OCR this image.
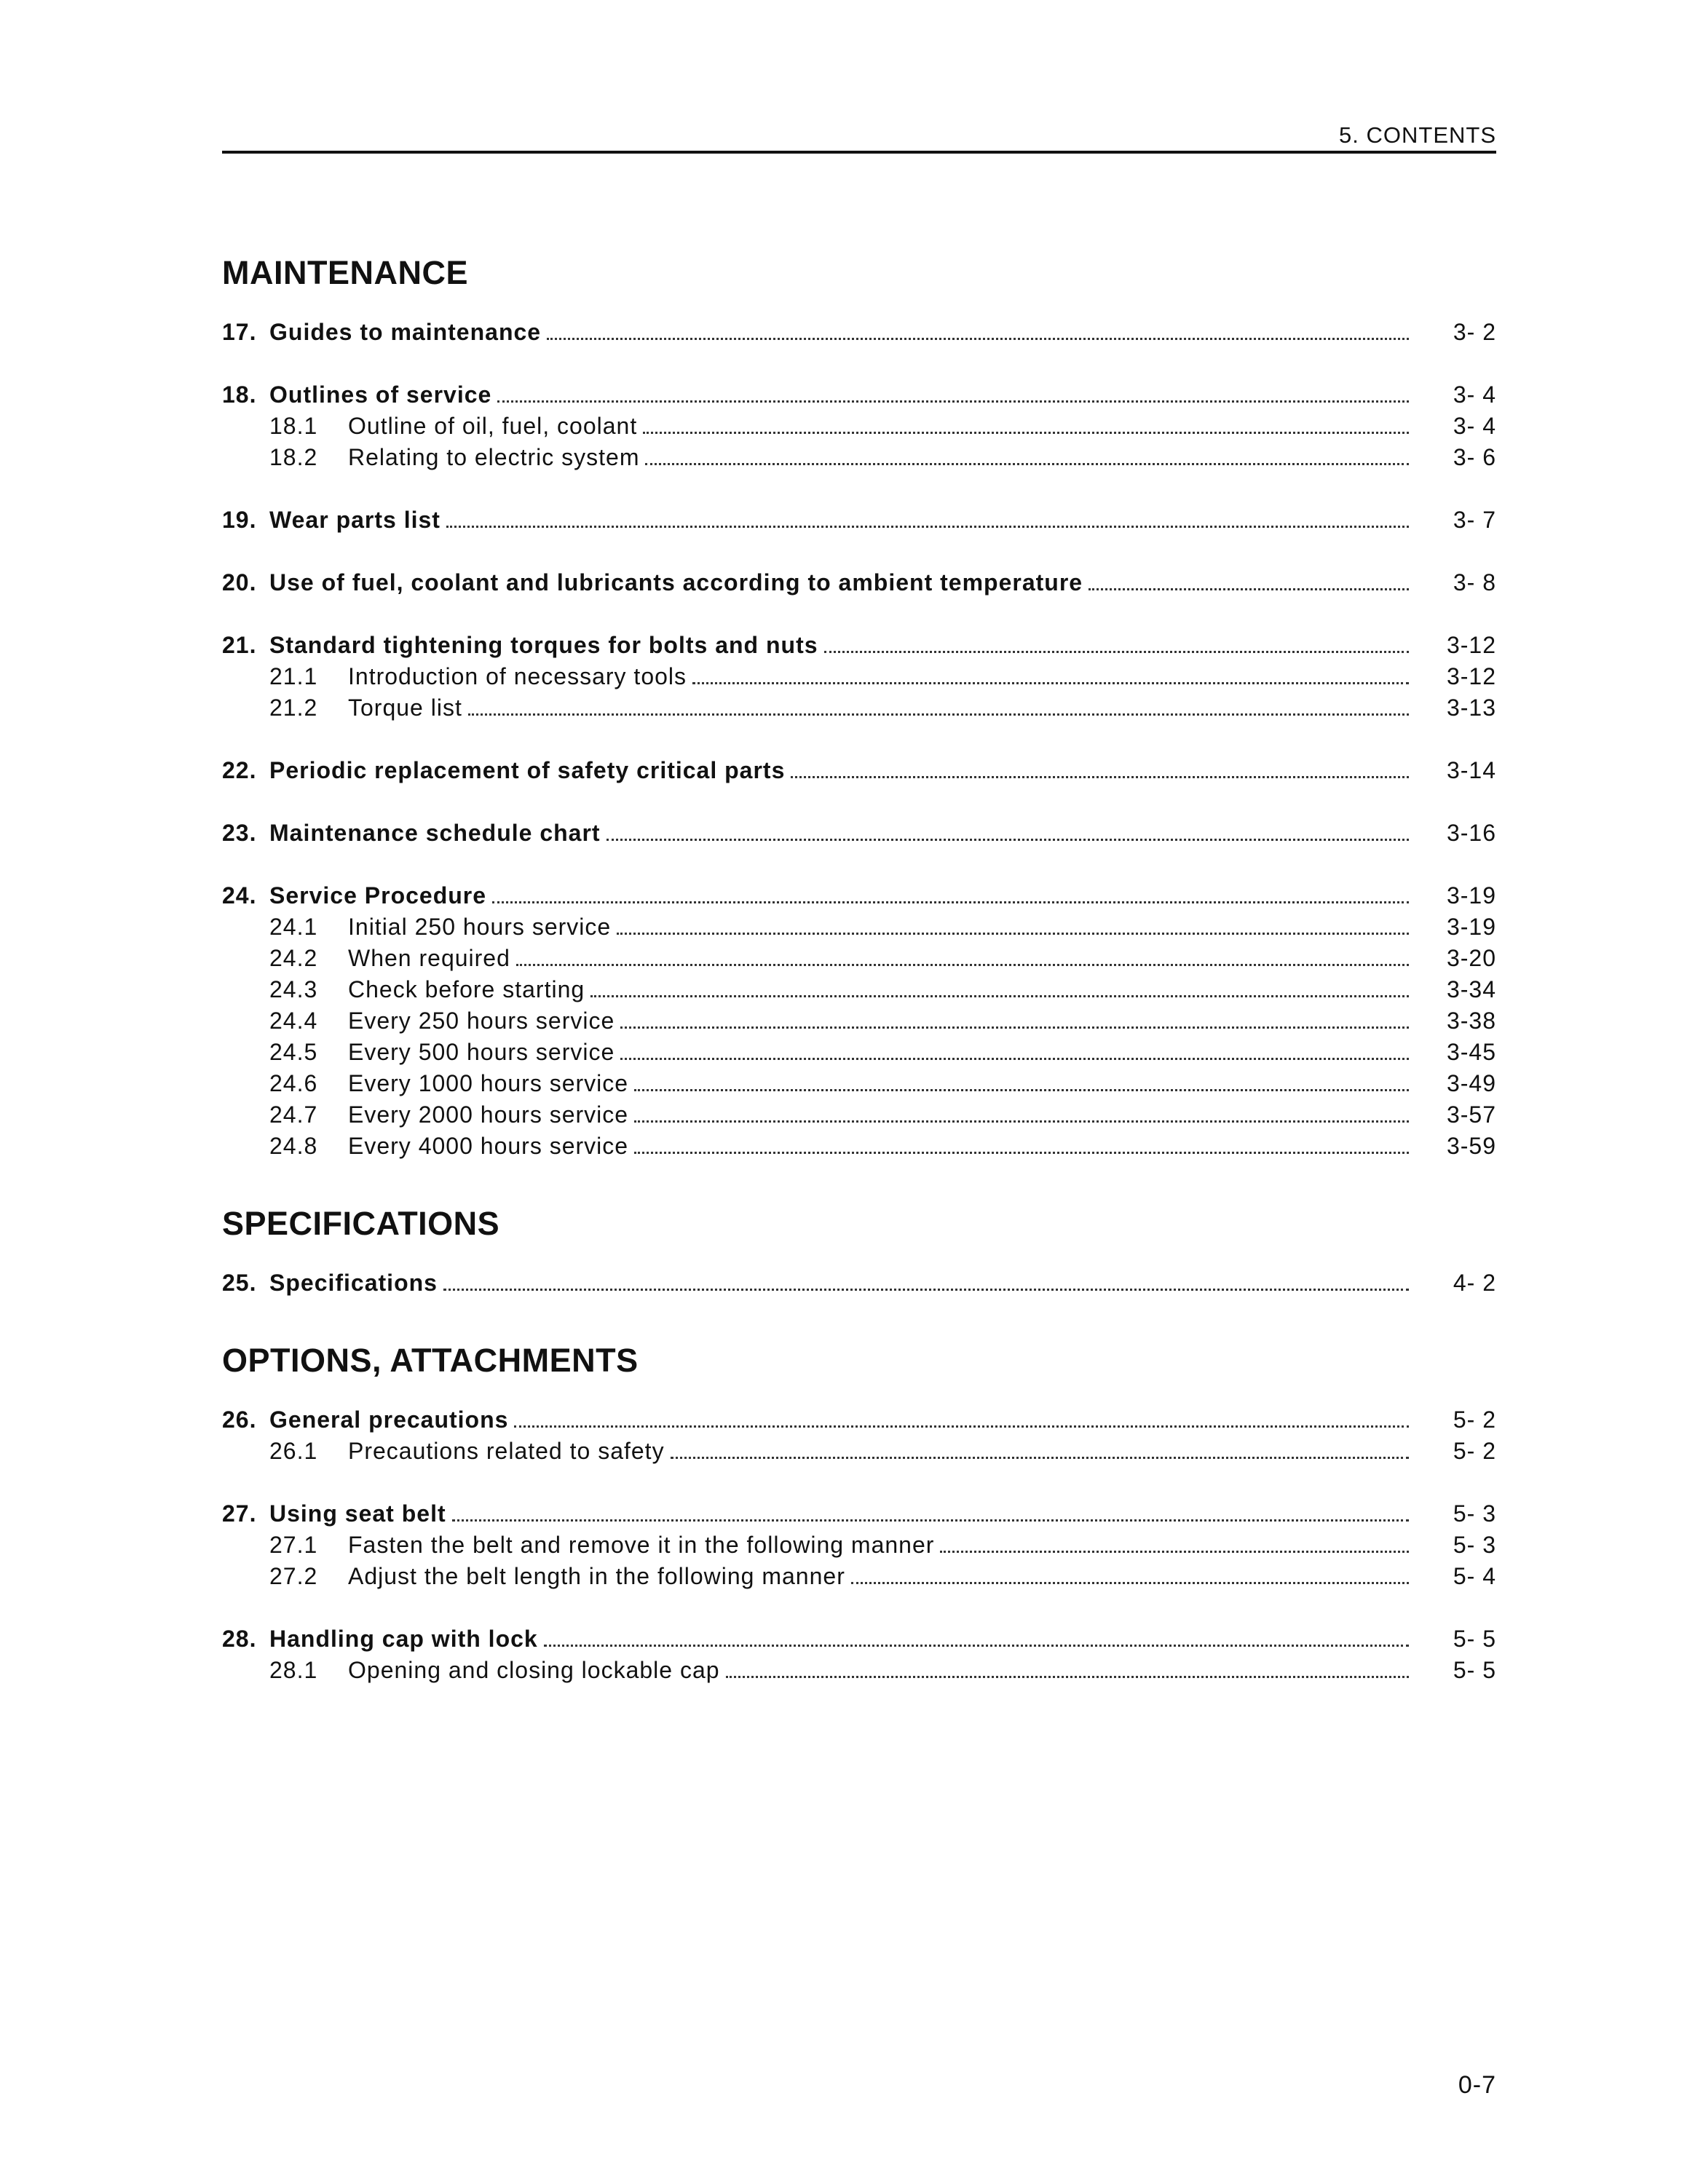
5. CONTENTS
MAINTENANCE
17. Guides to maintenance	3- 2
18. Outlines of service	3- 4
18.1	Outline of oil, fuel, coolant	3- 4
18.2	Relating to electric system	3- 6
19. Wear parts list	3- 7
20. Use of fuel, coolant and lubricants according to ambient temperature	3- 8
21. Standard tightening torques for bolts and nuts	3-12
21.1	Introduction of necessary tools	3-12
21.2	Torque list	3-13
22. Periodic replacement of safety critical parts	3-14
23. Maintenance schedule chart	3-16
24. Service Procedure	3-19
24.1	Initial 250 hours service	3-19
24.2	When required	3-20
24.3	Check before starting	3-34
24.4	Every 250 hours service	3-38
24.5	Every 500 hours service	3-45
24.6	Every 1000 hours service	3-49
24.7	Every 2000 hours service	3-57
24.8	Every 4000 hours service	3-59
SPECIFICATIONS
25. Specifications	4- 2
OPTIONS, ATTACHMENTS
26. General precautions	5- 2
26.1	Precautions related to safety	5- 2
27. Using seat belt	5- 3
27.1	Fasten the belt and remove it in the following manner	5- 3
27.2	Adjust the belt length in the following manner	5- 4
28. Handling cap with lock	5- 5
28.1	Opening and closing lockable cap	5- 5
0-7
